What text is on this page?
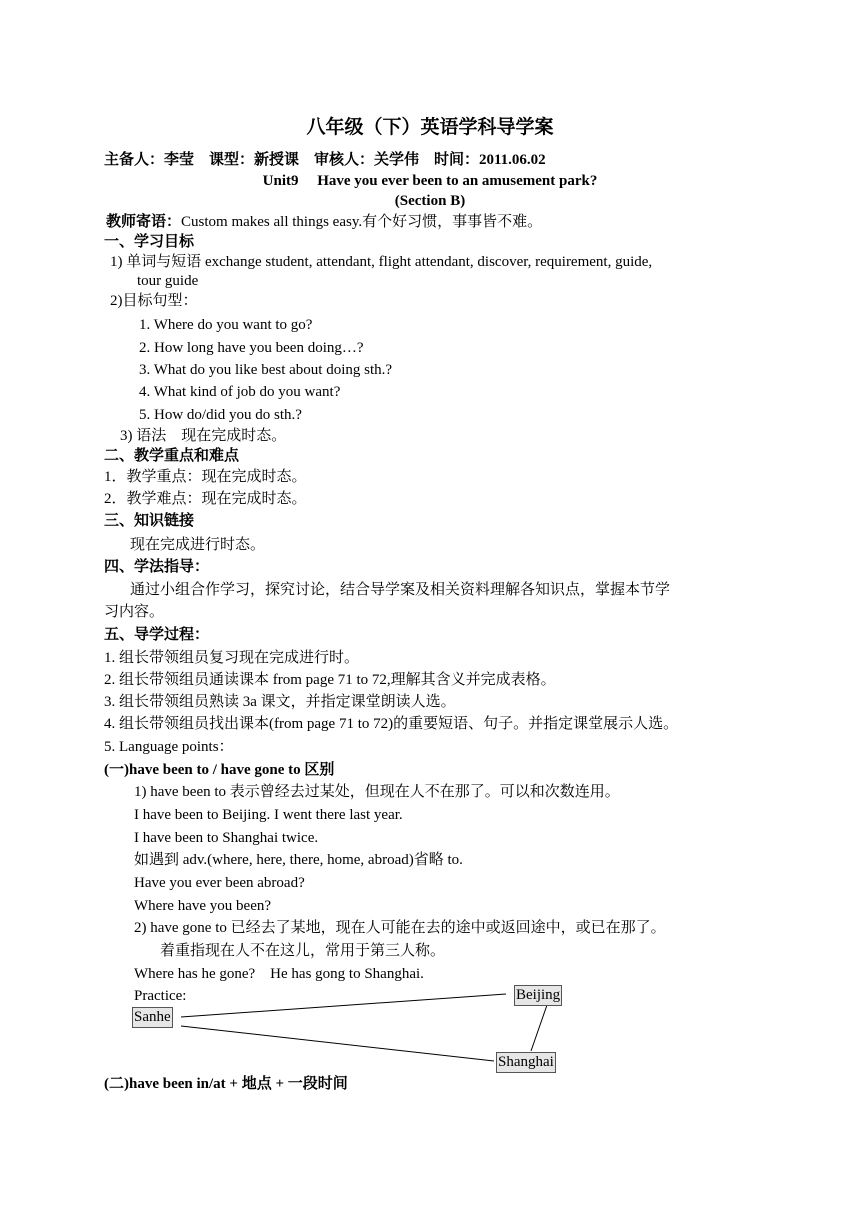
八年级（下）英语学科导学案
主备人：李莹　课型：新授课　审核人：关学伟　时间：2011.06.02
Unit9　 Have you ever been to an amusement park?
(Section B)
教师寄语：Custom makes all things easy.有个好习惯，事事皆不难。
一、学习目标
1) 单词与短语 exchange student, attendant, flight attendant, discover, requirement, guide,
tour guide
2)目标句型：
1. Where do you want to go?
2. How long have you been doing…?
3. What do you like best about doing sth.?
4. What kind of job do you want?
5. How do/did you do sth.?
3) 语法　现在完成时态。
二、教学重点和难点
1．教学重点：现在完成时态。
2．教学难点：现在完成时态。
三、知识链接
现在完成进行时态。
四、学法指导：
通过小组合作学习，探究讨论，结合导学案及相关资料理解各知识点，掌握本节学
习内容。
五、导学过程：
1. 组长带领组员复习现在完成进行时。
2. 组长带领组员通读课本 from page 71 to 72,理解其含义并完成表格。
3. 组长带领组员熟读 3a 课文，并指定课堂朗读人选。
4. 组长带领组员找出课本(from page 71 to 72)的重要短语、句子。并指定课堂展示人选。
5. Language points：
(一)have been to / have gone to 区别
1) have been to 表示曾经去过某处，但现在人不在那了。可以和次数连用。
I have been to Beijing. I went there last year.
I have been to Shanghai twice.
如遇到 adv.(where, here, there, home, abroad)省略 to.
Have you ever been abroad?
Where have you been?
2) have gone to 已经去了某地，现在人可能在去的途中或返回途中，或已在那了。
着重指现在人不在这儿，常用于第三人称。
Where has he gone?　He has gong to Shanghai.
Practice:	Beijing
Sanhe
Shanghai
(二)have been in/at + 地点 + 一段时间
